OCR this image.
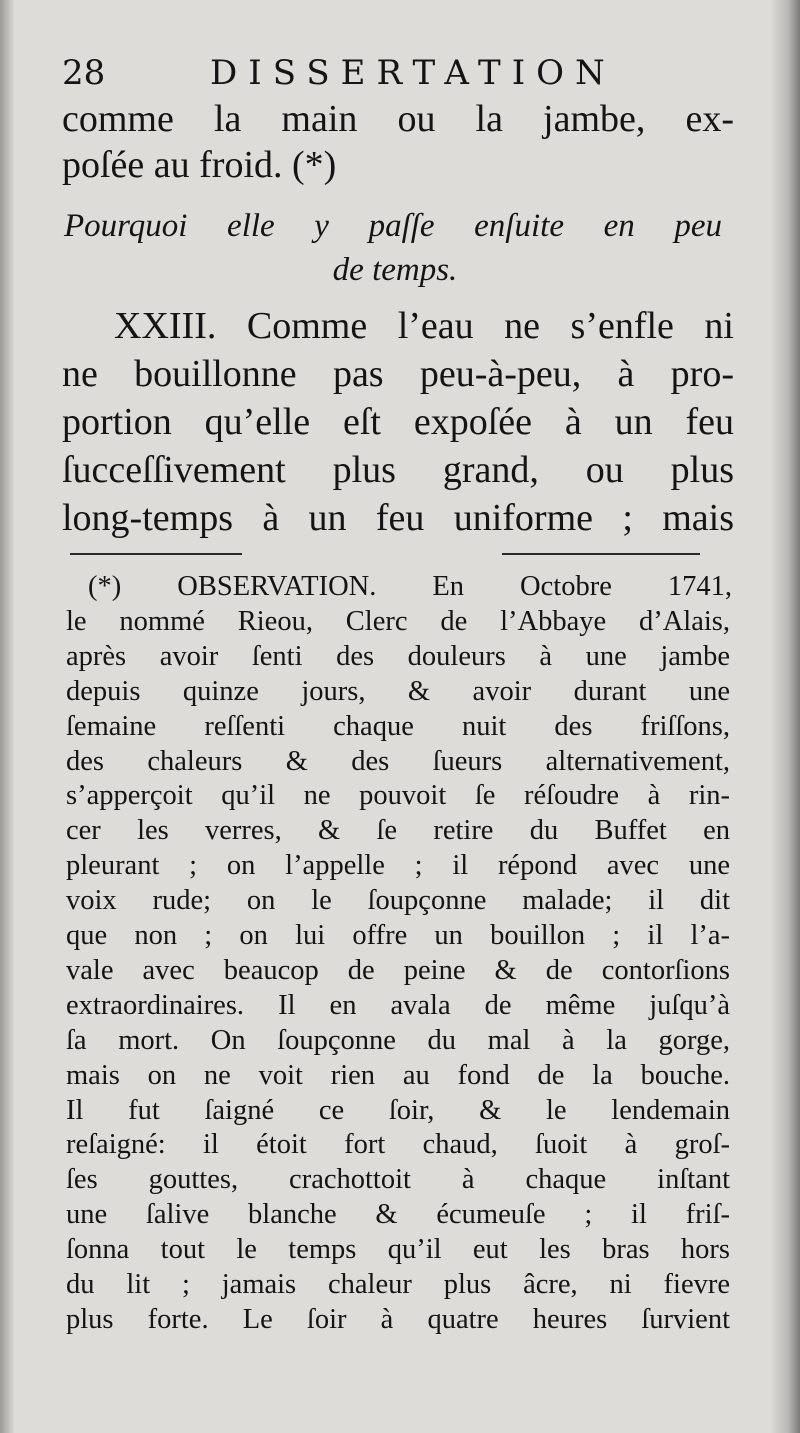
28	DISSERTATION
comme la main ou la jambe, ex-
poſée au froid. (*)
Pourquoi elle y paſſe enſuite en peu
de temps.
XXIII. Comme l’eau ne s’enfle ni
ne bouillonne pas peu-à-peu, à pro-
portion qu’elle eſt expoſée à un feu
ſucceſſivement plus grand, ou plus
long-temps à un feu uniforme ; mais
(*) OBSERVATION. En Octobre 1741,
le nommé Rieou, Clerc de l’Abbaye d’Alais,
après avoir ſenti des douleurs à une jambe
depuis quinze jours, & avoir durant une
ſemaine reſſenti chaque nuit des friſſons,
des chaleurs & des ſueurs alternativement,
s’apperçoit qu’il ne pouvoit ſe réſoudre à rin-
cer les verres, & ſe retire du Buffet en
pleurant ; on l’appelle ; il répond avec une
voix rude; on le ſoupçonne malade; il dit
que non ; on lui offre un bouillon ; il l’a-
vale avec beaucop de peine & de contorſions
extraordinaires. Il en avala de même juſqu’à
ſa mort. On ſoupçonne du mal à la gorge,
mais on ne voit rien au fond de la bouche.
Il fut ſaigné ce ſoir, & le lendemain
reſaigné: il étoit fort chaud, ſuoit à groſ-
ſes gouttes, crachottoit à chaque inſtant
une ſalive blanche & écumeuſe ; il friſ-
ſonna tout le temps qu’il eut les bras hors
du lit ; jamais chaleur plus âcre, ni fievre
plus forte. Le ſoir à quatre heures ſurvient
